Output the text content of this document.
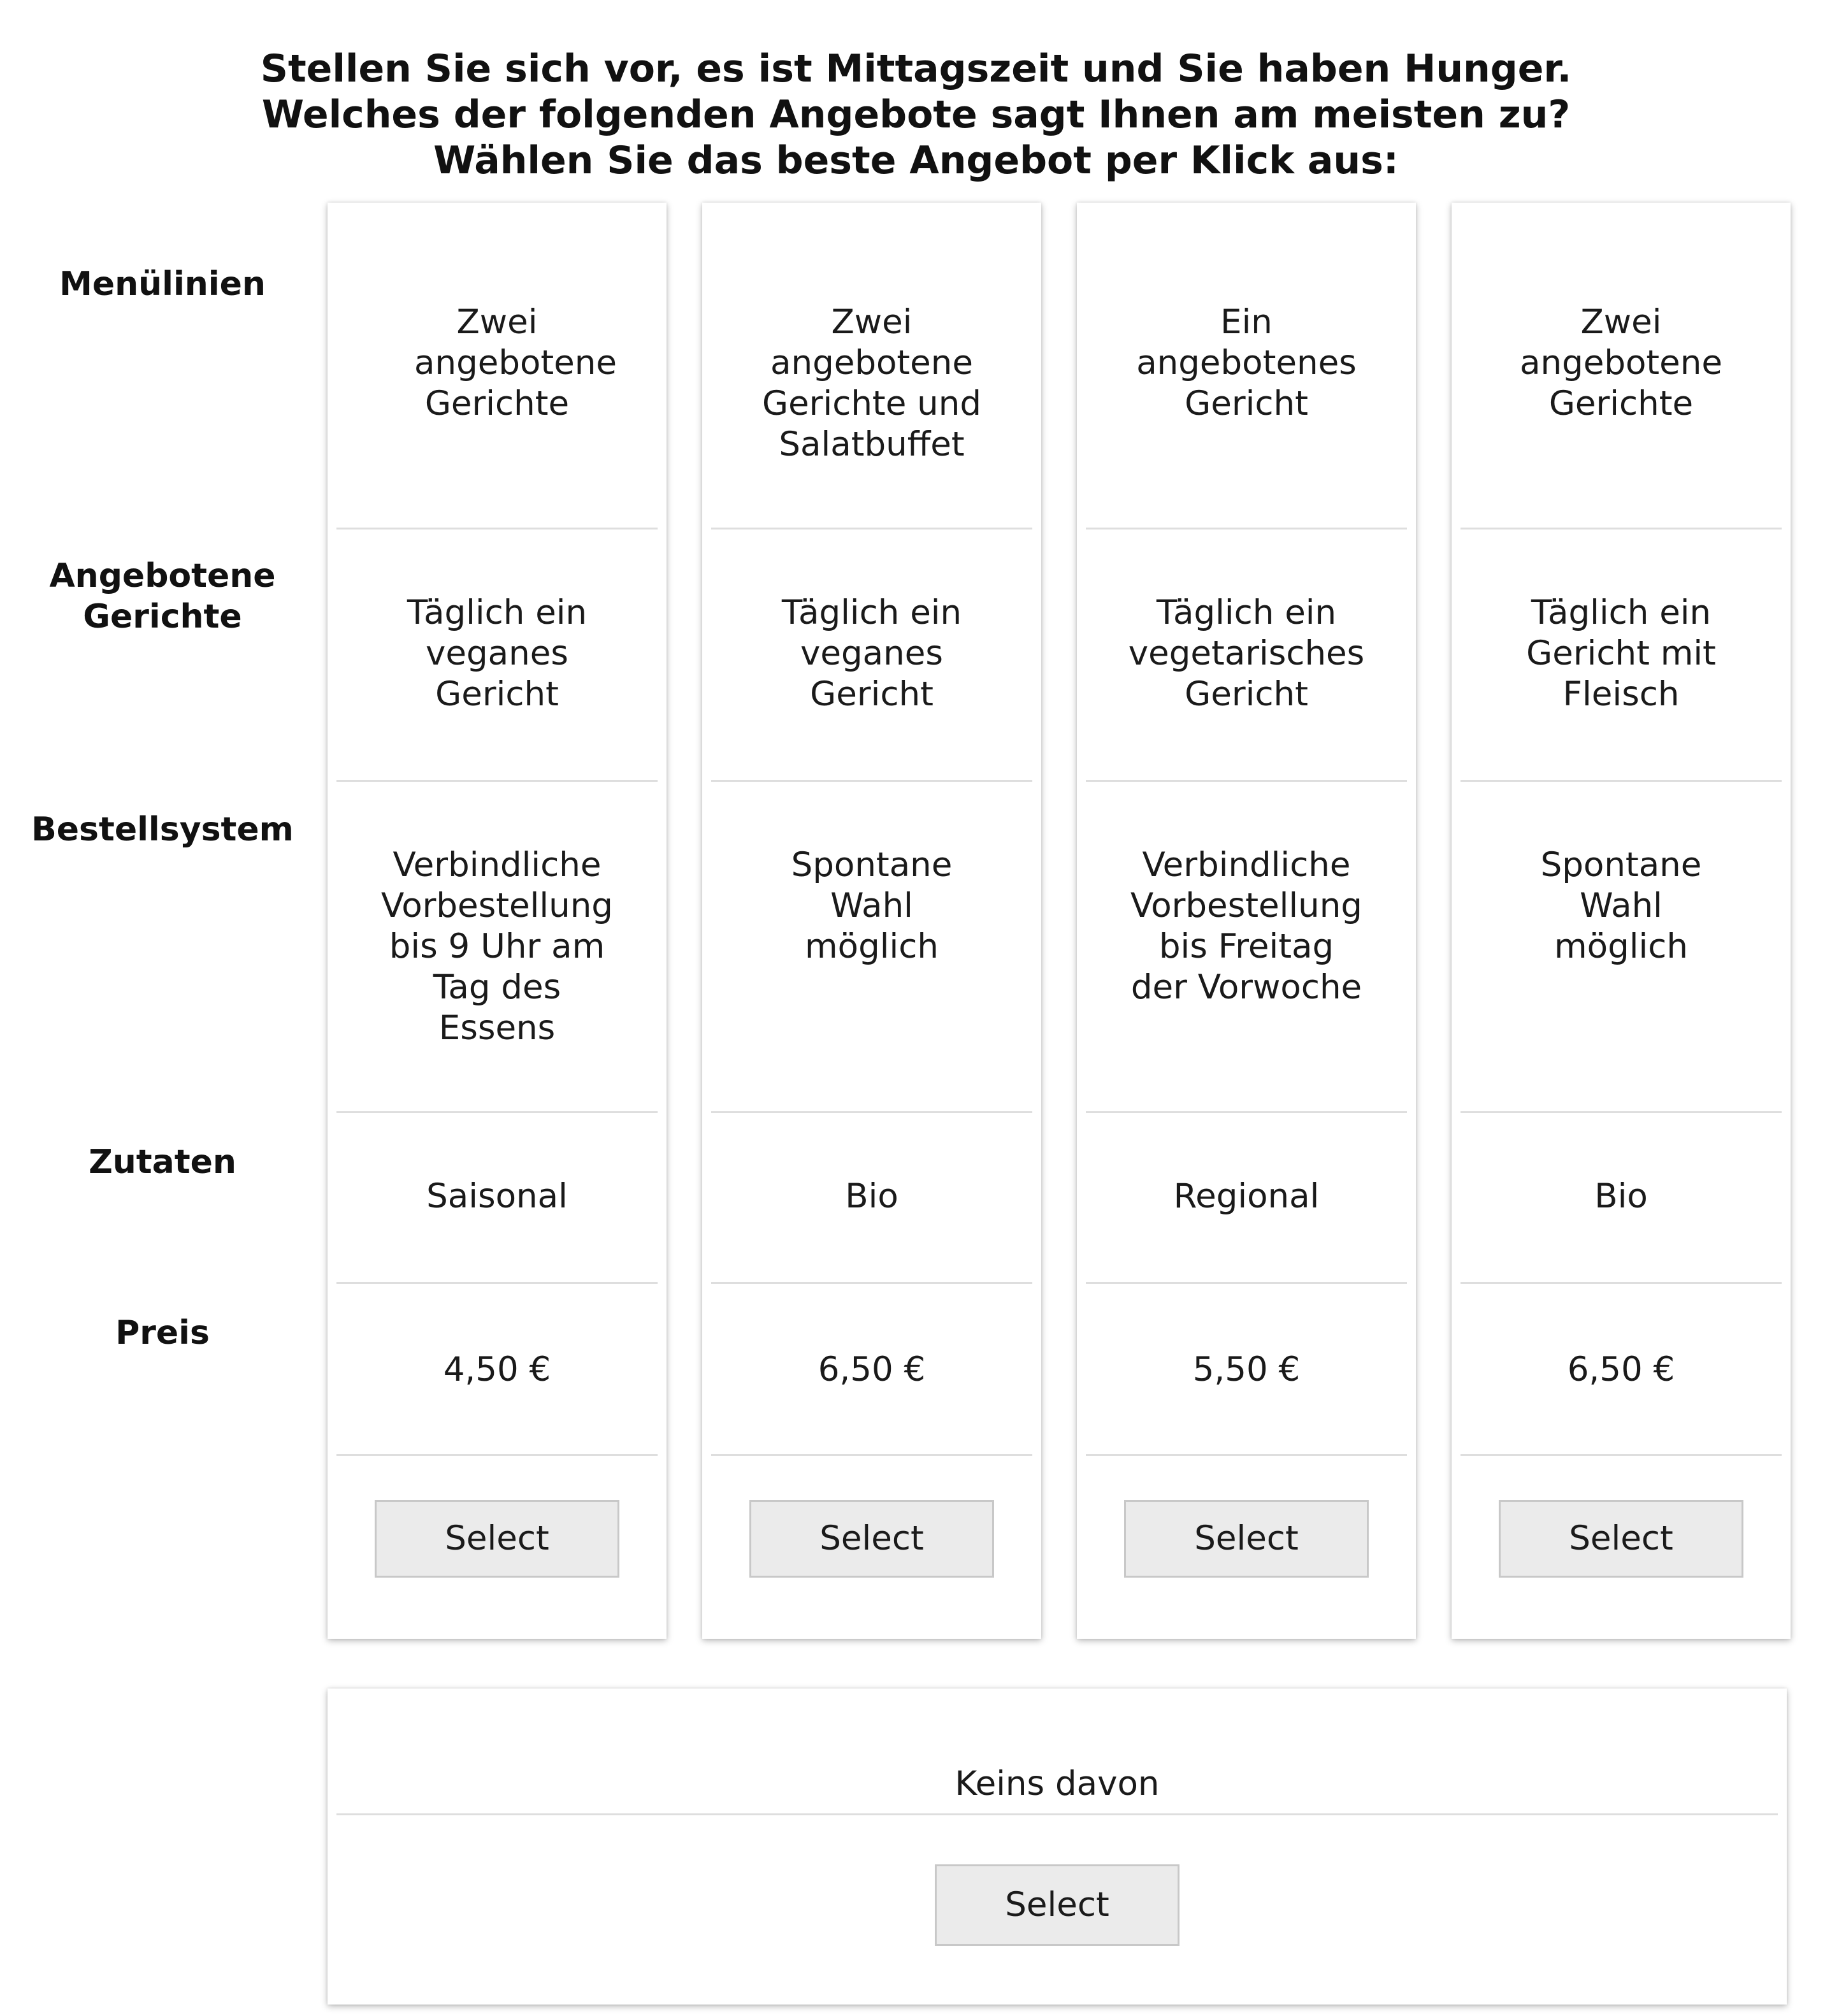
Stellen Sie sich vor, es ist Mittagszeit und Sie haben Hunger.
Welches der folgenden Angebote sagt Ihnen am meisten zu?
Wählen Sie das beste Angebot per Klick aus:
Menülinien
Angebotene Gerichte
Bestellsystem
Zutaten
Preis
Zwei angebotene Gerichte
Täglich ein veganes Gericht
Verbindliche Vorbestellung bis 9 Uhr am Tag des Essens
Saisonal
4,50 €
Select
Zwei angebotene Gerichte und Salatbuffet
Täglich ein veganes Gericht
Spontane Wahl möglich
Bio
6,50 €
Select
Ein angebotenes Gericht
Täglich ein vegetarisches Gericht
Verbindliche Vorbestellung bis Freitag der Vorwoche
Regional
5,50 €
Select
Zwei angebotene Gerichte
Täglich ein Gericht mit Fleisch
Spontane Wahl möglich
Bio
6,50 €
Select
Keins davon
Select
